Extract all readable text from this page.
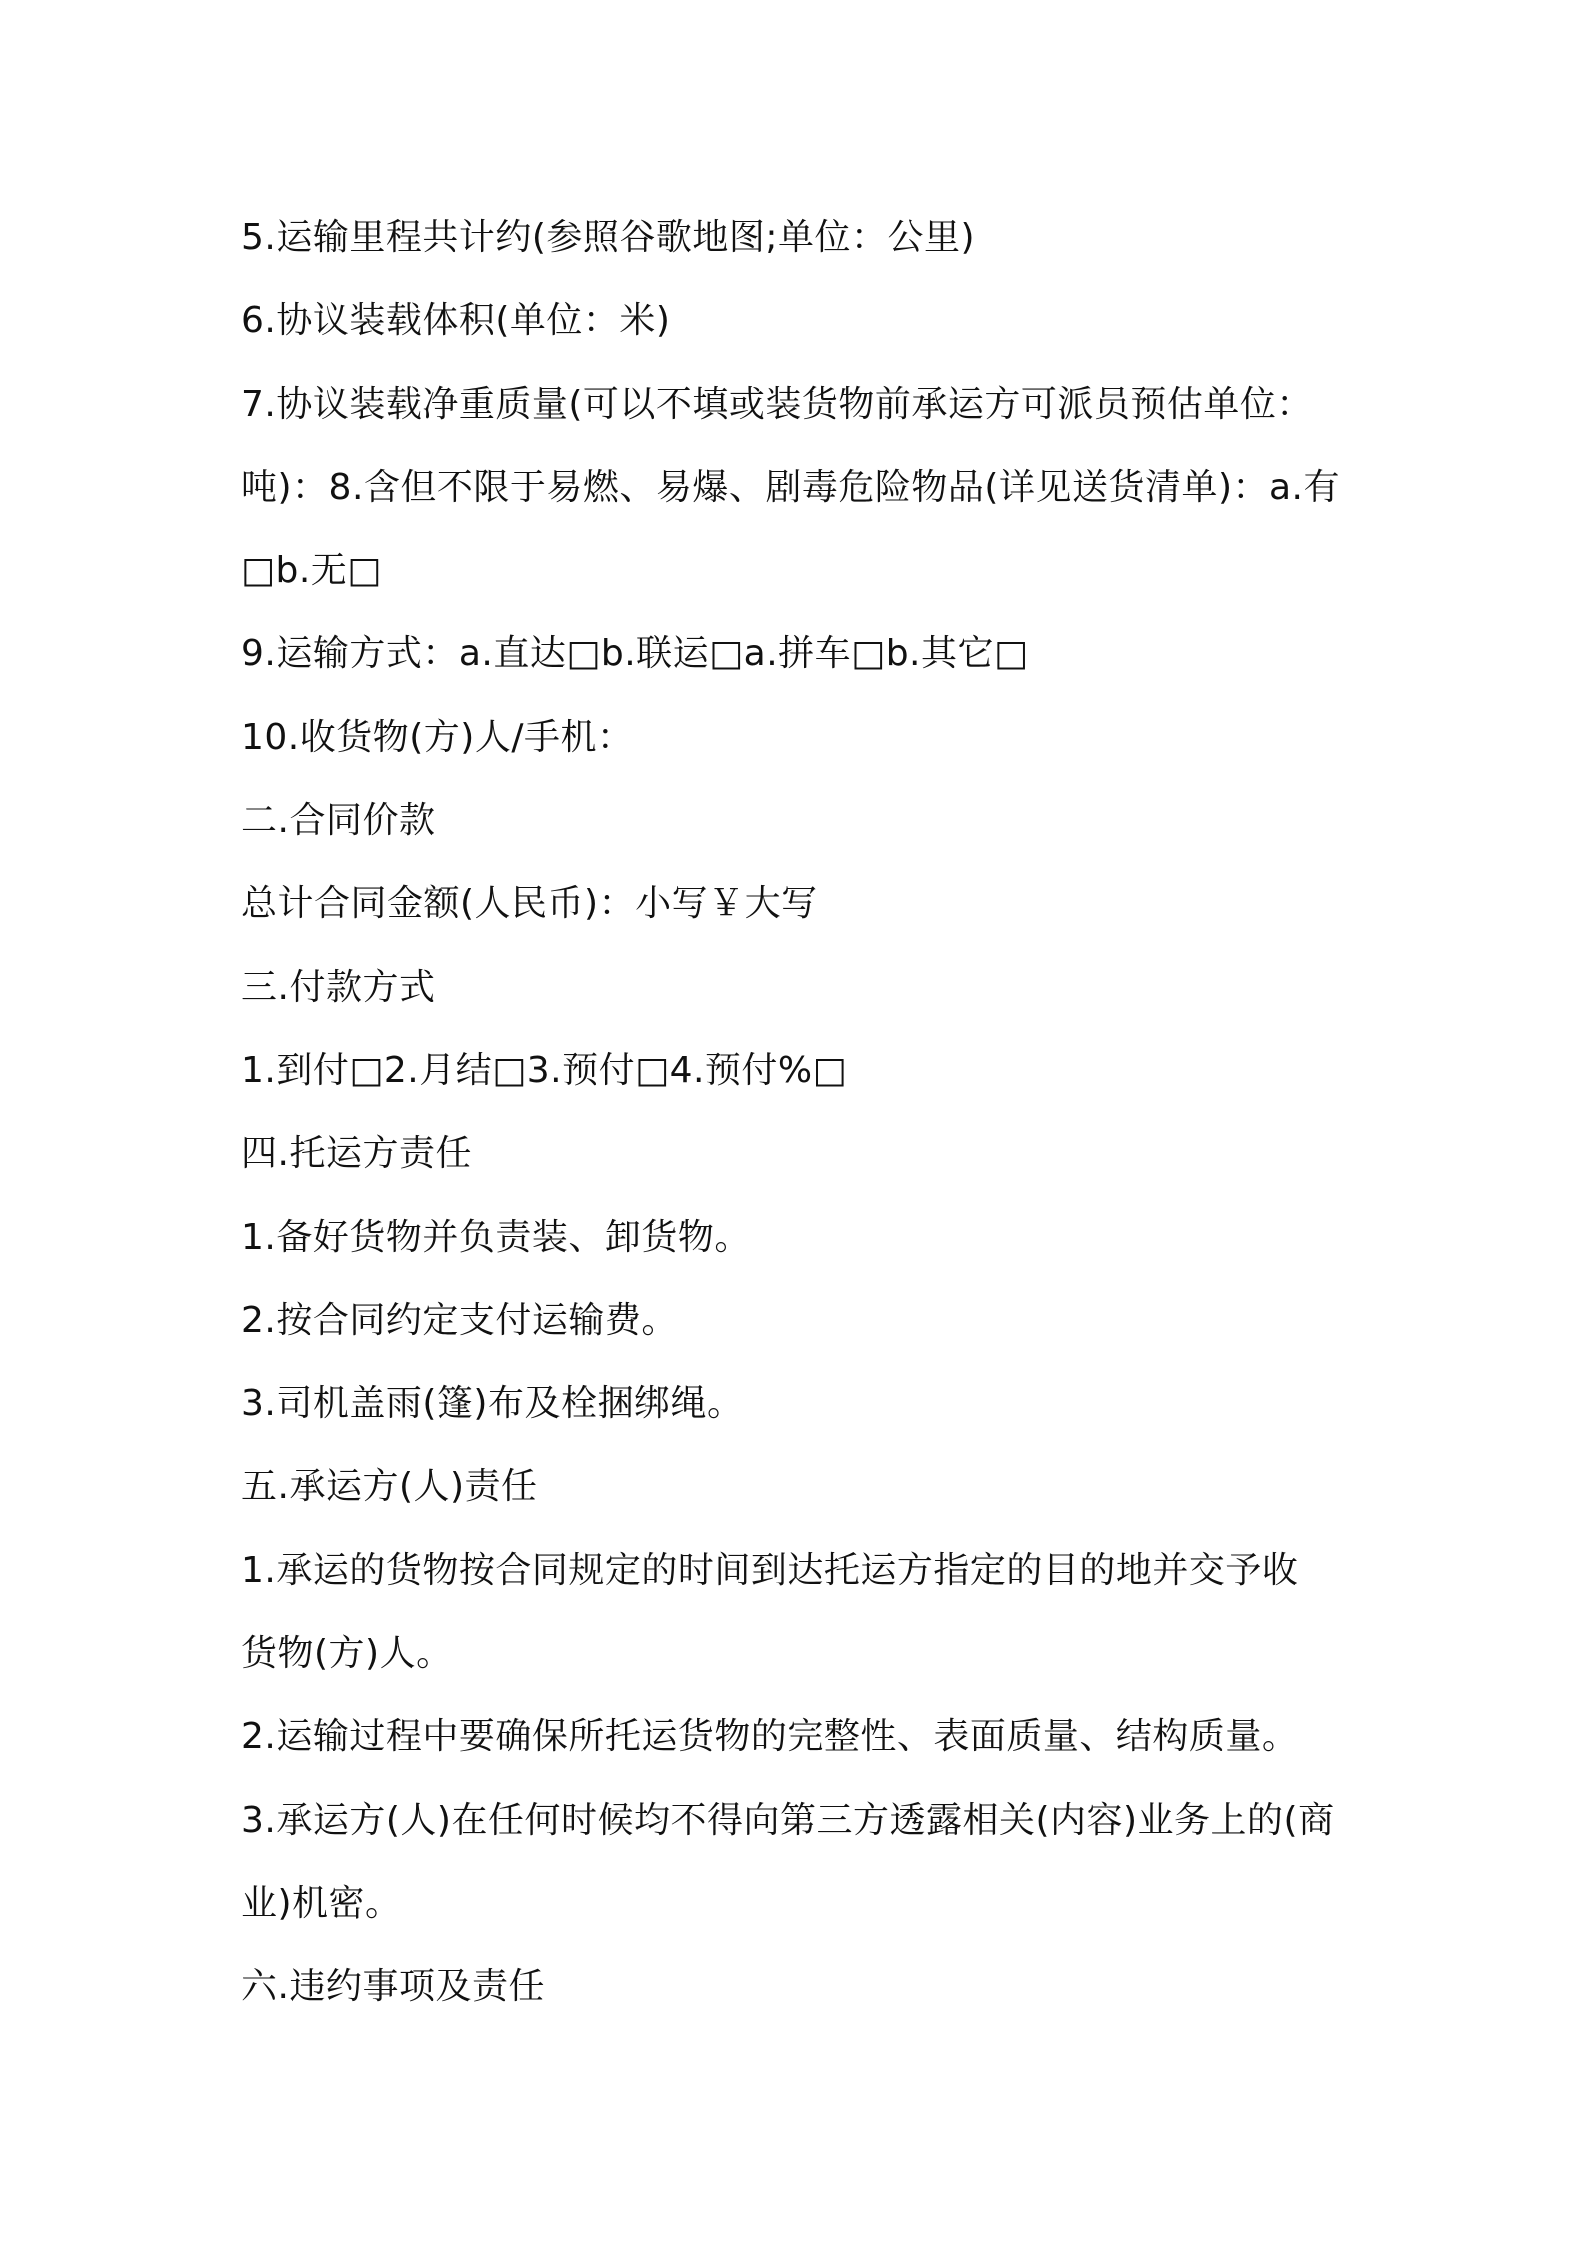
5.运输里程共计约(参照谷歌地图;单位：公里)
6.协议装载体积(单位：米)
7.协议装载净重质量(可以不填或装货物前承运方可派员预估单位：
吨)：8.含但不限于易燃、易爆、剧毒危险物品(详见送货清单)：a.有
□b.无□
9.运输方式：a.直达□b.联运□a.拼车□b.其它□
10.收货物(方)人/手机：
二.合同价款
总计合同金额(人民币)：小写￥大写
三.付款方式
1.到付□2.月结□3.预付□4.预付%□
四.托运方责任
1.备好货物并负责装、卸货物。
2.按合同约定支付运输费。
3.司机盖雨(篷)布及栓捆绑绳。
五.承运方(人)责任
1.承运的货物按合同规定的时间到达托运方指定的目的地并交予收
货物(方)人。
2.运输过程中要确保所托运货物的完整性、表面质量、结构质量。
3.承运方(人)在任何时候均不得向第三方透露相关(内容)业务上的(商
业)机密。
六.违约事项及责任
